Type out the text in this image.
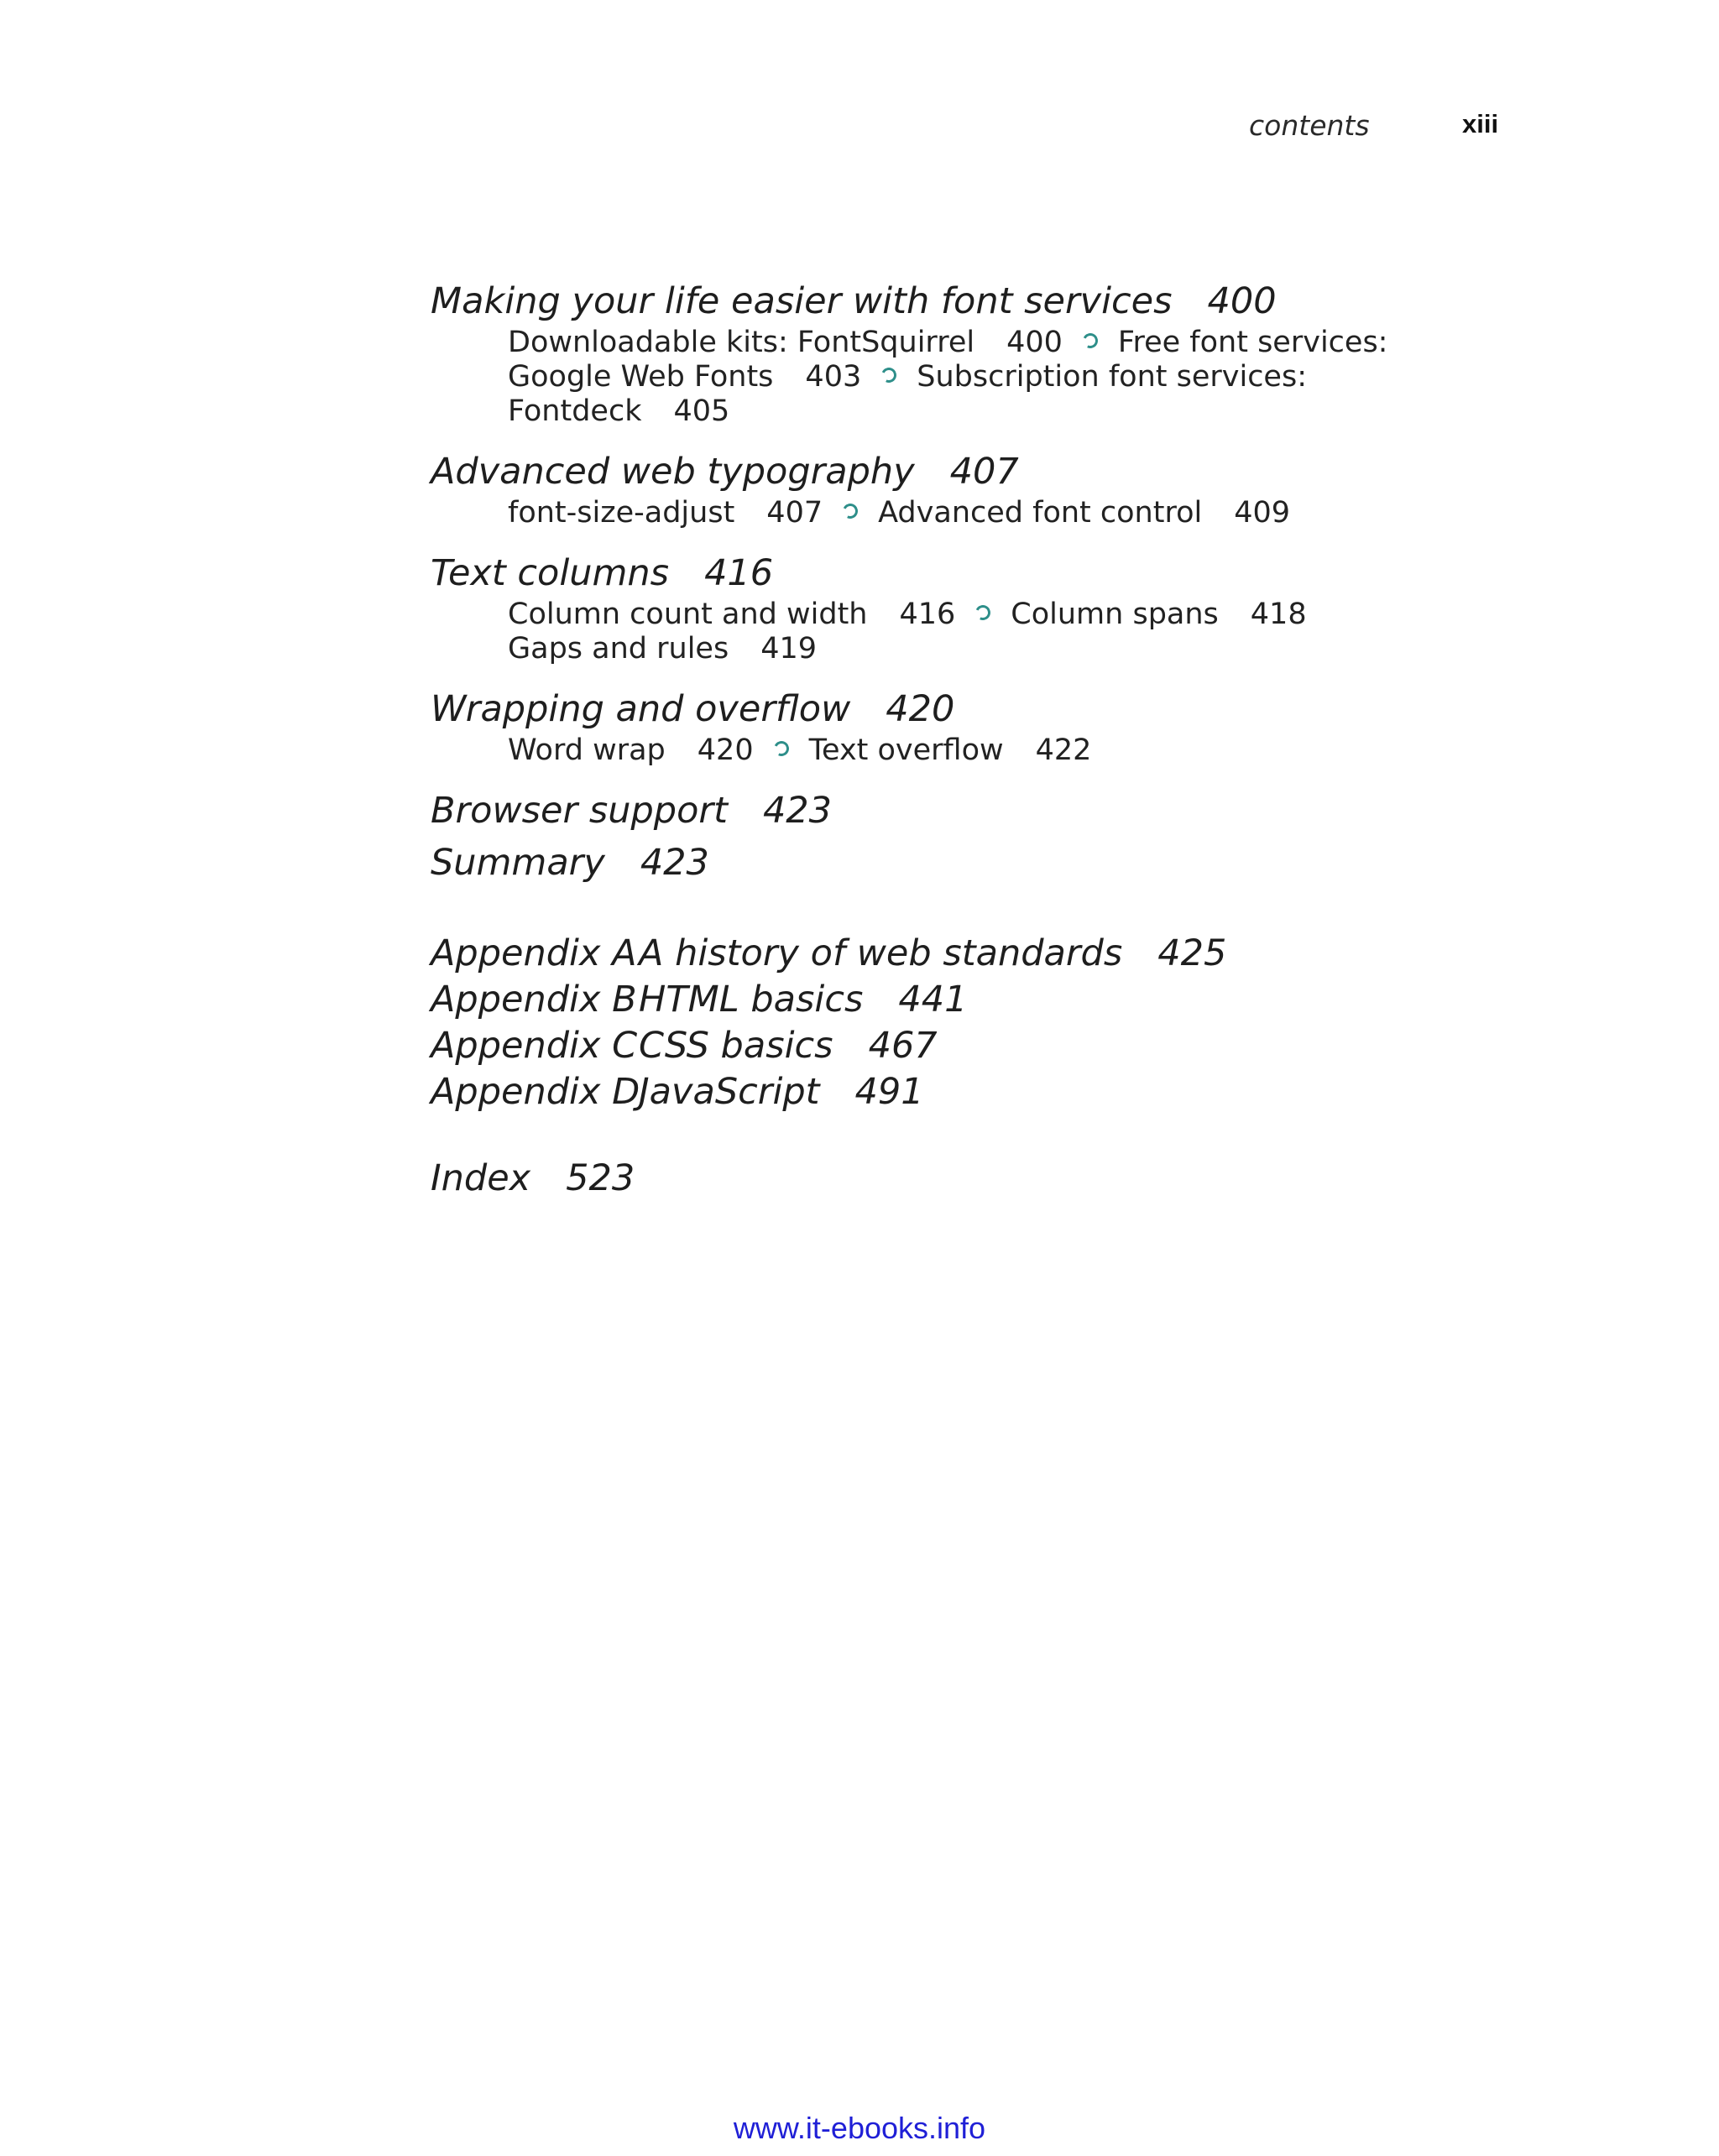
contents	xiii
Making your life easier with font services 400
Downloadable kits: FontSquirrel 400 Free font services:
Google Web Fonts 403 Subscription font services:
Fontdeck 405
Advanced web typography 407
font-size-adjust 407 Advanced font control 409
Text columns 416
Column count and width 416 Column spans 418
Gaps and rules 419
Wrapping and overflow 420
Word wrap 420 Text overflow 422
Browser support 423
Summary 423
Appendix A A history of web standards 425
Appendix B HTML basics 441
Appendix C CSS basics 467
Appendix D
JavaScript 491
Index 523
www.it-ebooks.info
